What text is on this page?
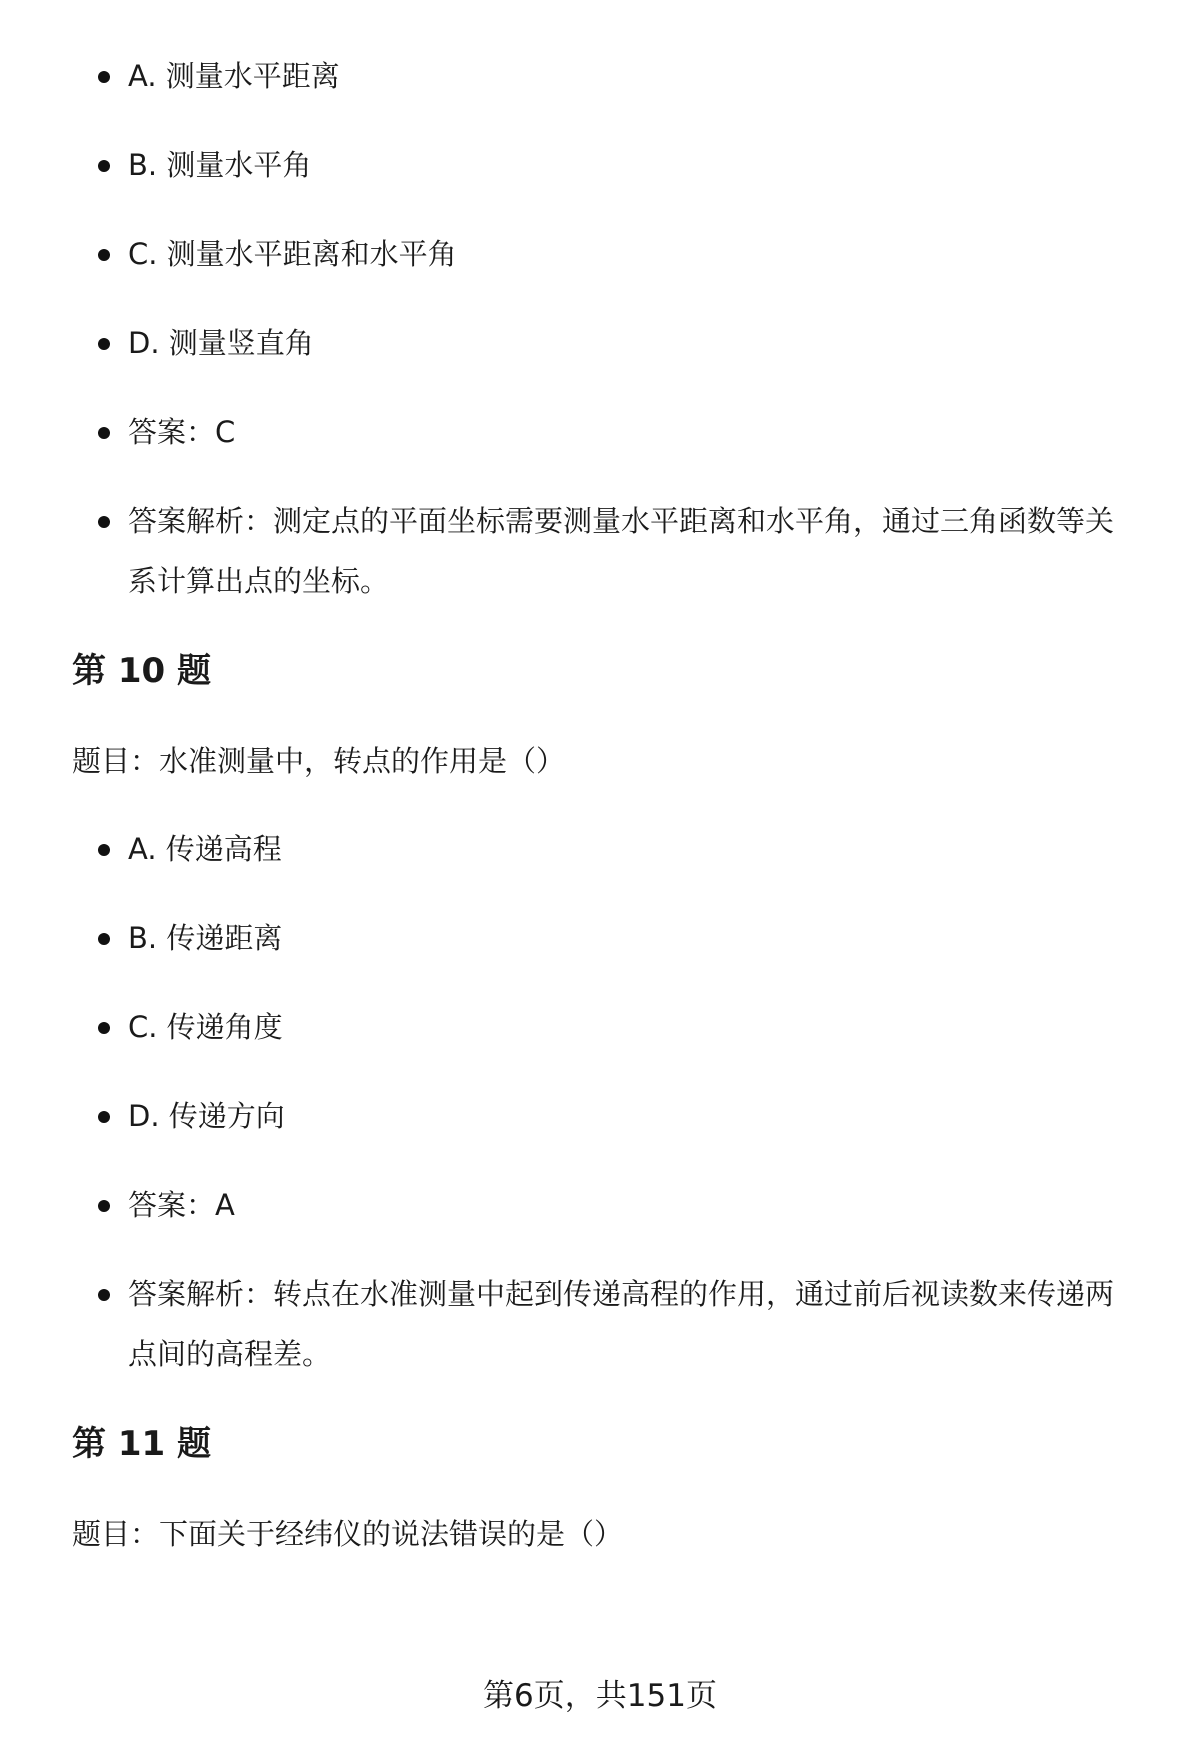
A. 测量水平距离
B. 测量水平角
C. 测量水平距离和水平角
D. 测量竖直角
答案：C
答案解析：测定点的平面坐标需要测量水平距离和水平角，通过三角函数等关系计算出点的坐标。
第 10 题

题目：水准测量中，转点的作用是（）

A. 传递高程
B. 传递距离
C. 传递角度
D. 传递方向
答案：A
答案解析：转点在水准测量中起到传递高程的作用，通过前后视读数来传递两点间的高程差。
第 11 题

题目：下面关于经纬仪的说法错误的是（）

第6页，共151页
